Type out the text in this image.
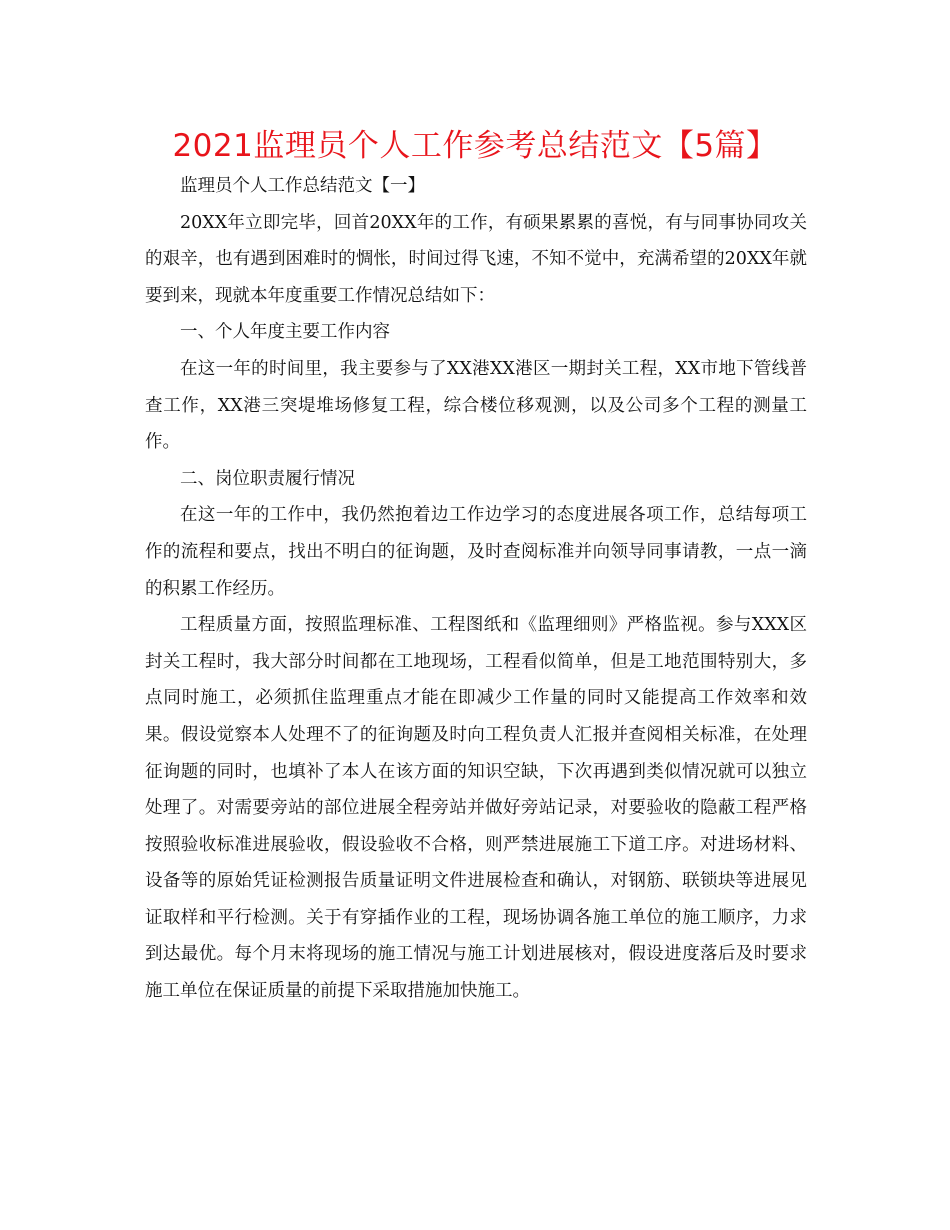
2021监理员个人工作参考总结范文【5篇】

监理员个人工作总结范文【一】

20XX年立即完毕，回首20XX年的工作，有硕果累累的喜悦，有与同事协同攻关的艰辛，也有遇到困难时的惆怅，时间过得飞速，不知不觉中，充满希望的20XX年就要到来，现就本年度重要工作情况总结如下：

一、个人年度主要工作内容

在这一年的时间里，我主要参与了XX港XX港区一期封关工程，XX市地下管线普查工作，XX港三突堤堆场修复工程，综合楼位移观测，以及公司多个工程的测量工作。

二、岗位职责履行情况

在这一年的工作中，我仍然抱着边工作边学习的态度进展各项工作，总结每项工作的流程和要点，找出不明白的征询题，及时查阅标准并向领导同事请教，一点一滴的积累工作经历。

工程质量方面，按照监理标准、工程图纸和《监理细则》严格监视。参与XXX区封关工程时，我大部分时间都在工地现场，工程看似简单，但是工地范围特别大，多点同时施工，必须抓住监理重点才能在即减少工作量的同时又能提高工作效率和效果。假设觉察本人处理不了的征询题及时向工程负责人汇报并查阅相关标准，在处理征询题的同时，也填补了本人在该方面的知识空缺，下次再遇到类似情况就可以独立处理了。对需要旁站的部位进展全程旁站并做好旁站记录，对要验收的隐蔽工程严格按照验收标准进展验收，假设验收不合格，则严禁进展施工下道工序。对进场材料、设备等的原始凭证检测报告质量证明文件进展检查和确认，对钢筋、联锁块等进展见证取样和平行检测。关于有穿插作业的工程，现场协调各施工单位的施工顺序，力求到达最优。每个月末将现场的施工情况与施工计划进展核对，假设进度落后及时要求施工单位在保证质量的前提下采取措施加快施工。
